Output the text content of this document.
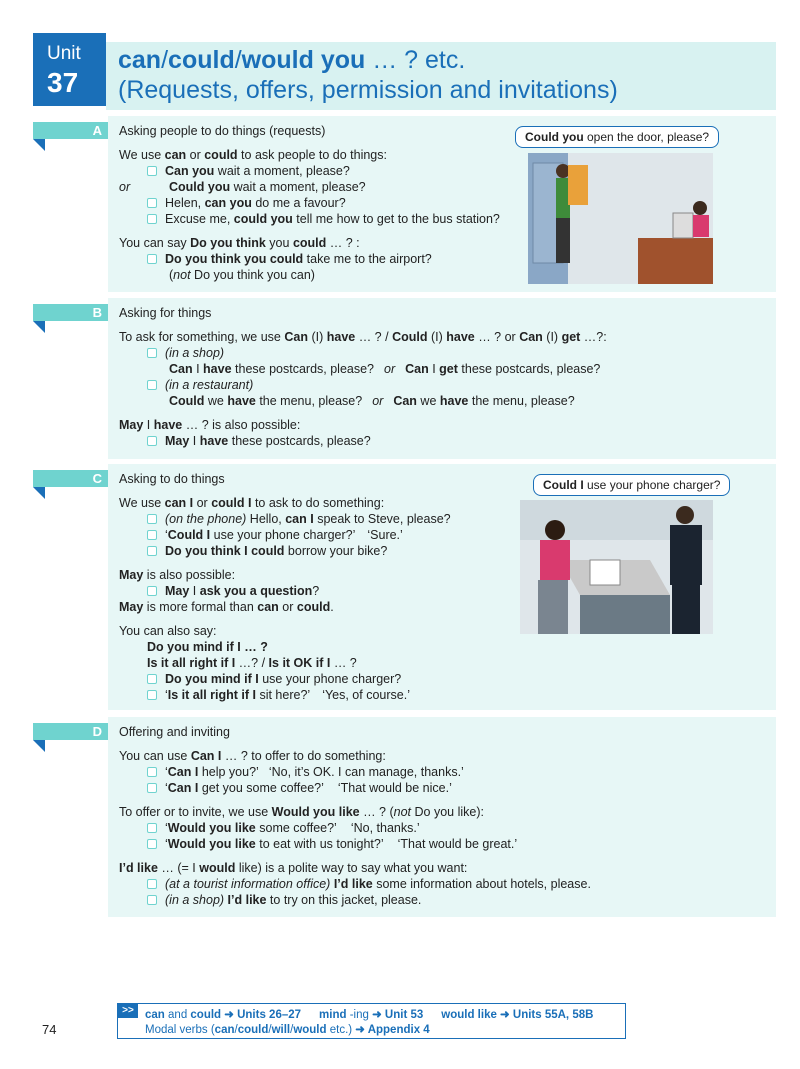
Unit
37
can/could/would you … ? etc.
(Requests, offers, permission and invitations)
A	Asking people to do things (requests)
We use can or could to ask people to do things:
Can you wait a moment, please?
or	Could you wait a moment, please?
Helen, can you do me a favour?
Excuse me, could you tell me how to get to the bus station?
You can say Do you think you could … ? :
Do you think you could take me to the airport?
(not Do you think you can)
Could you open the door, please?
B	Asking for things
To ask for something, we use Can (I) have … ? / Could (I) have … ? or Can (I) get …?:
(in a shop)
Can I have these postcards, please? or Can I get these postcards, please?
(in a restaurant)
Could we have the menu, please? or Can we have the menu, please?
May I have … ? is also possible:
May I have these postcards, please?
C	Asking to do things
We use can I or could I to ask to do something:
(on the phone) Hello, can I speak to Steve, please?
‘Could I use your phone charger?’ ‘Sure.’
Do you think I could borrow your bike?
May is also possible:
May I ask you a question?
May is more formal than can or could.
You can also say:
Do you mind if I … ?
Is it all right if I …? / Is it OK if I … ?
Do you mind if I use your phone charger?
‘Is it all right if I sit here?’ ‘Yes, of course.’
Could I use your phone charger?
D	Offering and inviting
You can use Can I … ? to offer to do something:
‘Can I help you?’ ‘No, it’s OK. I can manage, thanks.’
‘Can I get you some coffee?’ ‘That would be nice.’
To offer or to invite, we use Would you like … ? (not Do you like):
‘Would you like some coffee?’ ‘No, thanks.’
‘Would you like to eat with us tonight?’ ‘That would be great.’
I’d like … (= I would like) is a polite way to say what you want:
(at a tourist information office) I’d like some information about hotels, please.
(in a shop) I’d like to try on this jacket, please.
>> can and could ➜ Units 26–27 mind -ing ➜ Unit 53 would like ➜ Units 55A, 58B
Modal verbs (can/could/will/would etc.) ➜ Appendix 4
74
